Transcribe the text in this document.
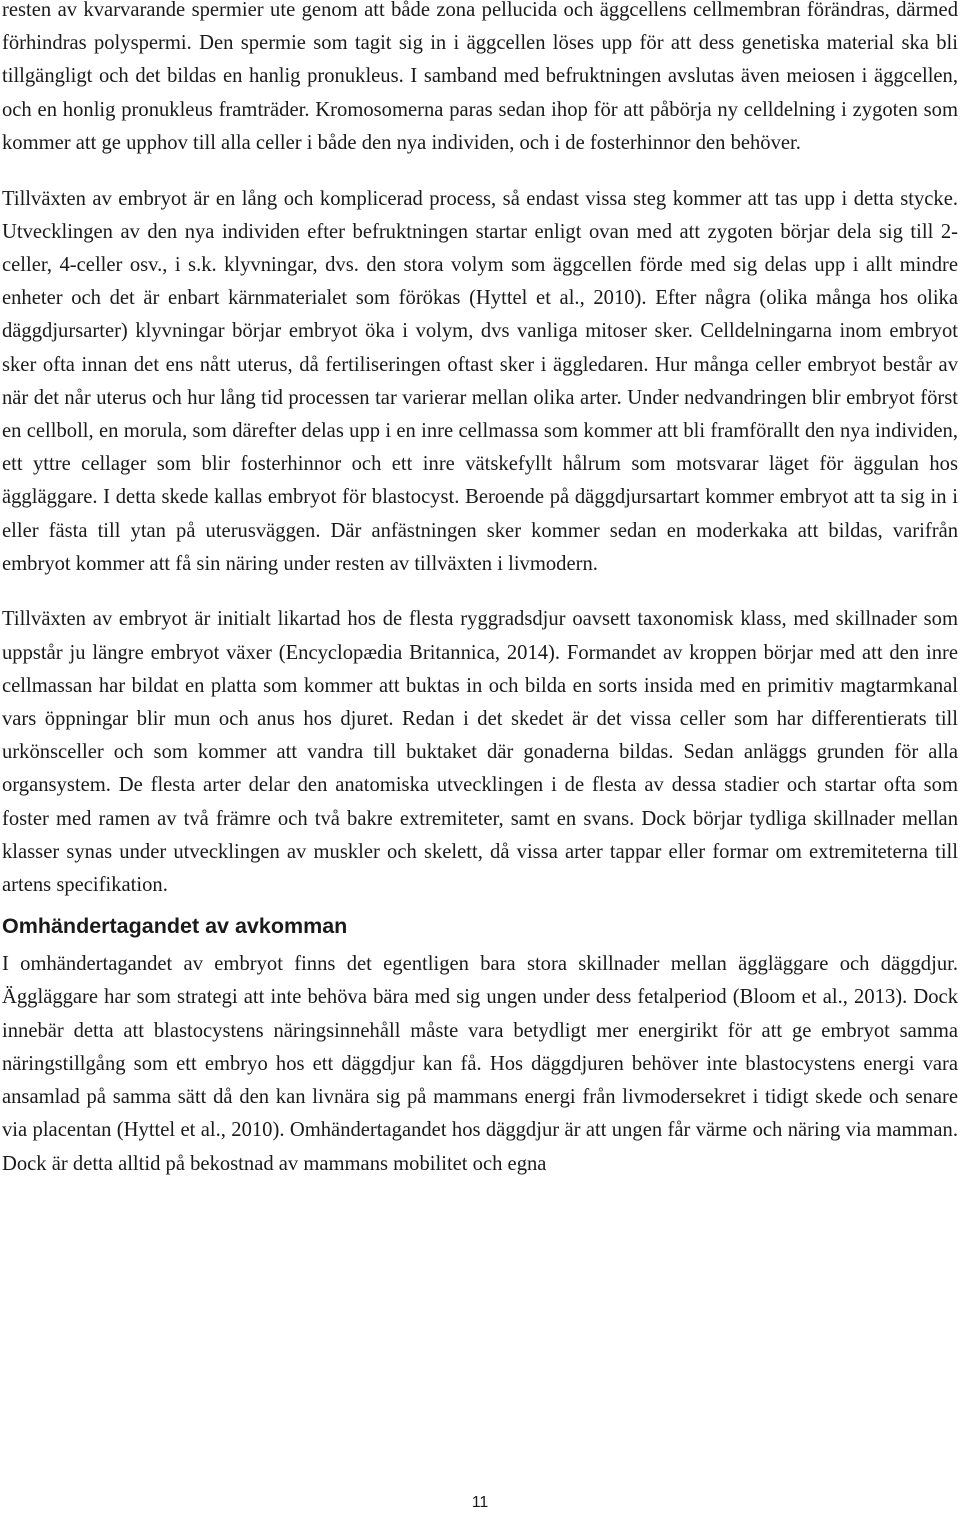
resten av kvarvarande spermier ute genom att både zona pellucida och äggcellens cellmembran förändras, därmed förhindras polyspermi. Den spermie som tagit sig in i äggcellen löses upp för att dess genetiska material ska bli tillgängligt och det bildas en hanlig pronukleus. I samband med befruktningen avslutas även meiosen i äggcellen, och en honlig pronukleus framträder. Kromosomerna paras sedan ihop för att påbörja ny celldelning i zygoten som kommer att ge upphov till alla celler i både den nya individen, och i de fosterhinnor den behöver.

Tillväxten av embryot är en lång och komplicerad process, så endast vissa steg kommer att tas upp i detta stycke. Utvecklingen av den nya individen efter befruktningen startar enligt ovan med att zygoten börjar dela sig till 2-celler, 4-celler osv., i s.k. klyvningar, dvs. den stora volym som äggcellen förde med sig delas upp i allt mindre enheter och det är enbart kärnmaterialet som förökas (Hyttel et al., 2010). Efter några (olika många hos olika däggdjursarter) klyvningar börjar embryot öka i volym, dvs vanliga mitoser sker. Celldelningarna inom embryot sker ofta innan det ens nått uterus, då fertiliseringen oftast sker i äggledaren. Hur många celler embryot består av när det når uterus och hur lång tid processen tar varierar mellan olika arter. Under nedvandringen blir embryot först en cellboll, en morula, som därefter delas upp i en inre cellmassa som kommer att bli framförallt den nya individen, ett yttre cellager som blir fosterhinnor och ett inre vätskefyllt hålrum som motsvarar läget för äggulan hos äggläggare. I detta skede kallas embryot för blastocyst. Beroende på däggdjursartart kommer embryot att ta sig in i eller fästa till ytan på uterusväggen. Där anfästningen sker kommer sedan en moderkaka att bildas, varifrån embryot kommer att få sin näring under resten av tillväxten i livmodern.

Tillväxten av embryot är initialt likartad hos de flesta ryggradsdjur oavsett taxonomisk klass, med skillnader som uppstår ju längre embryot växer (Encyclopædia Britannica, 2014). Formandet av kroppen börjar med att den inre cellmassan har bildat en platta som kommer att buktas in och bilda en sorts insida med en primitiv magtarmkanal vars öppningar blir mun och anus hos djuret. Redan i det skedet är det vissa celler som har differentierats till urkönsceller och som kommer att vandra till buktaket där gonaderna bildas. Sedan anläggs grunden för alla organsystem. De flesta arter delar den anatomiska utvecklingen i de flesta av dessa stadier och startar ofta som foster med ramen av två främre och två bakre extremiteter, samt en svans. Dock börjar tydliga skillnader mellan klasser synas under utvecklingen av muskler och skelett, då vissa arter tappar eller formar om extremiteterna till artens specifikation.

Omhändertagandet av avkomman

I omhändertagandet av embryot finns det egentligen bara stora skillnader mellan äggläggare och däggdjur. Äggläggare har som strategi att inte behöva bära med sig ungen under dess fetalperiod (Bloom et al., 2013). Dock innebär detta att blastocystens näringsinnehåll måste vara betydligt mer energirikt för att ge embryot samma näringstillgång som ett embryo hos ett däggdjur kan få. Hos däggdjuren behöver inte blastocystens energi vara ansamlad på samma sätt då den kan livnära sig på mammans energi från livmodersekret i tidigt skede och senare via placentan (Hyttel et al., 2010). Omhändertagandet hos däggdjur är att ungen får värme och näring via mamman. Dock är detta alltid på bekostnad av mammans mobilitet och egna

11
